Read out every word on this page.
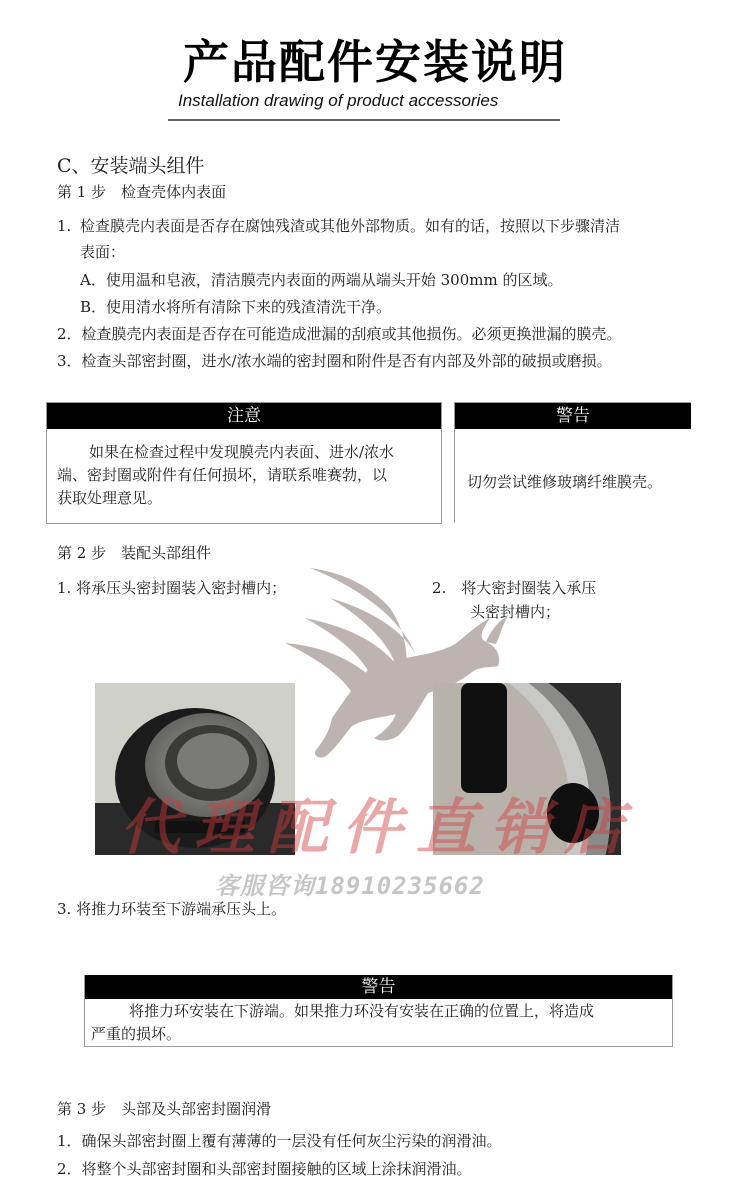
产品配件安装说明
Installation drawing of product accessories
C、安装端头组件
第 1 步　检查壳体内表面
1. 检查膜壳内表面是否存在腐蚀残渣或其他外部物质。如有的话，按照以下步骤清洁
表面：
A．使用温和皂液，清洁膜壳内表面的两端从端头开始 300mm 的区域。
B．使用清水将所有清除下来的残渣清洗干净。
2．检查膜壳内表面是否存在可能造成泄漏的刮痕或其他损伤。必须更换泄漏的膜壳。
3．检查头部密封圈，进水/浓水端的密封圈和附件是否有内部及外部的破损或磨损。
注意
如果在检查过程中发现膜壳内表面、进水/浓水
端、密封圈或附件有任何损坏，请联系唯赛勃，以
获取处理意见。
警告
切勿尝试维修玻璃纤维膜壳。
第 2 步　装配头部组件
1. 将承压头密封圈装入密封槽内；	2.　将大密封圈装入承压
头密封槽内；
代理配件直销店
客服咨询18910235662
3. 将推力环装至下游端承压头上。
警告
将推力环安装在下游端。如果推力环没有安装在正确的位置上，将造成
严重的损坏。
第 3 步　头部及头部密封圈润滑
1．确保头部密封圈上覆有薄薄的一层没有任何灰尘污染的润滑油。
2．将整个头部密封圈和头部密封圈接触的区域上涂抹润滑油。
